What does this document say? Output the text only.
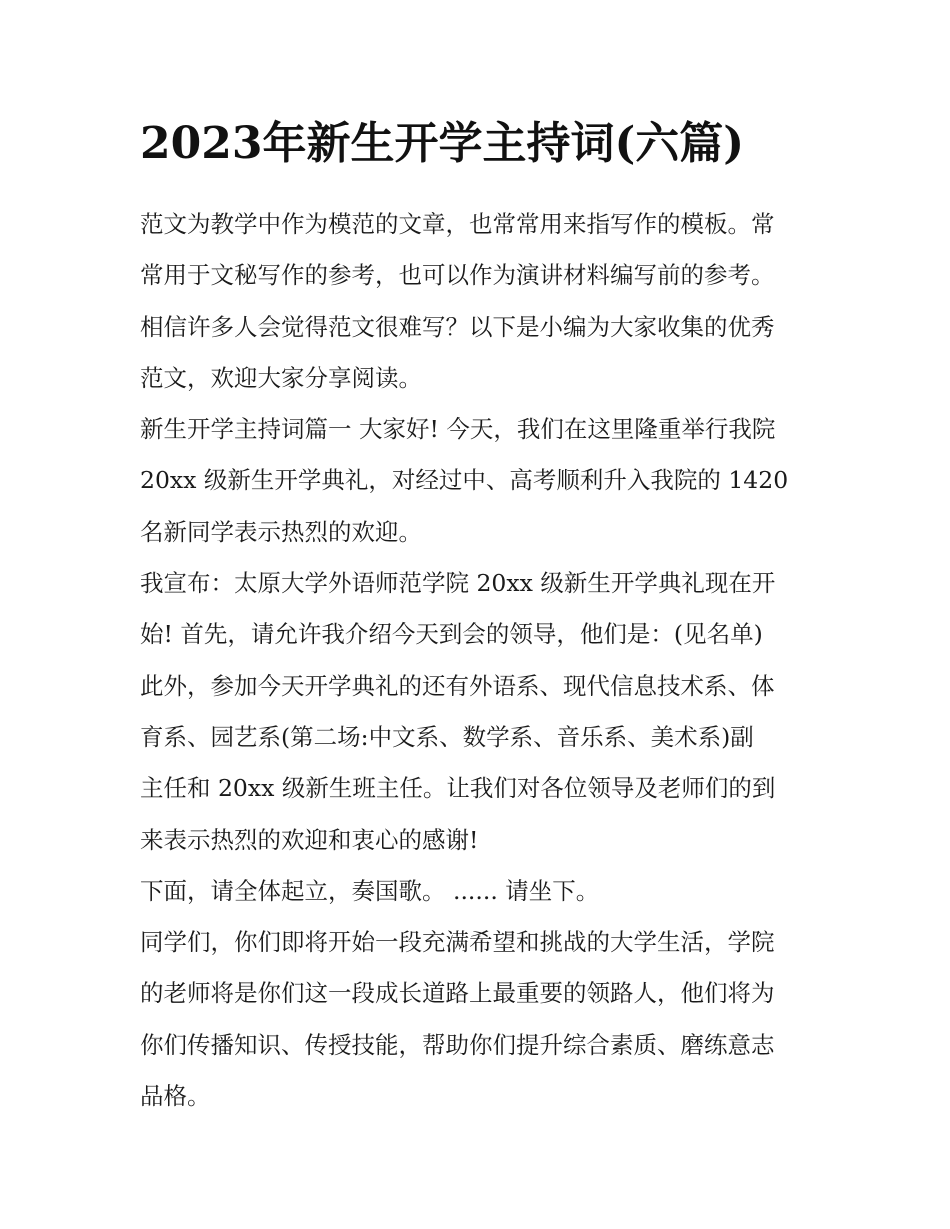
2023年新生开学主持词(六篇)
范文为教学中作为模范的文章，也常常用来指写作的模板。常
常用于文秘写作的参考，也可以作为演讲材料编写前的参考。
相信许多人会觉得范文很难写？以下是小编为大家收集的优秀
范文，欢迎大家分享阅读。
新生开学主持词篇一 大家好! 今天，我们在这里隆重举行我院
20xx 级新生开学典礼，对经过中、高考顺利升入我院的 1420
名新同学表示热烈的欢迎。
我宣布：太原大学外语师范学院 20xx 级新生开学典礼现在开
始! 首先，请允许我介绍今天到会的领导，他们是：(见名单)
此外，参加今天开学典礼的还有外语系、现代信息技术系、体
育系、园艺系(第二场:中文系、数学系、音乐系、美术系)副
主任和 20xx 级新生班主任。让我们对各位领导及老师们的到
来表示热烈的欢迎和衷心的感谢!
下面，请全体起立，奏国歌。 ...... 请坐下。
同学们，你们即将开始一段充满希望和挑战的大学生活，学院
的老师将是你们这一段成长道路上最重要的领路人，他们将为
你们传播知识、传授技能，帮助你们提升综合素质、磨练意志
品格。
